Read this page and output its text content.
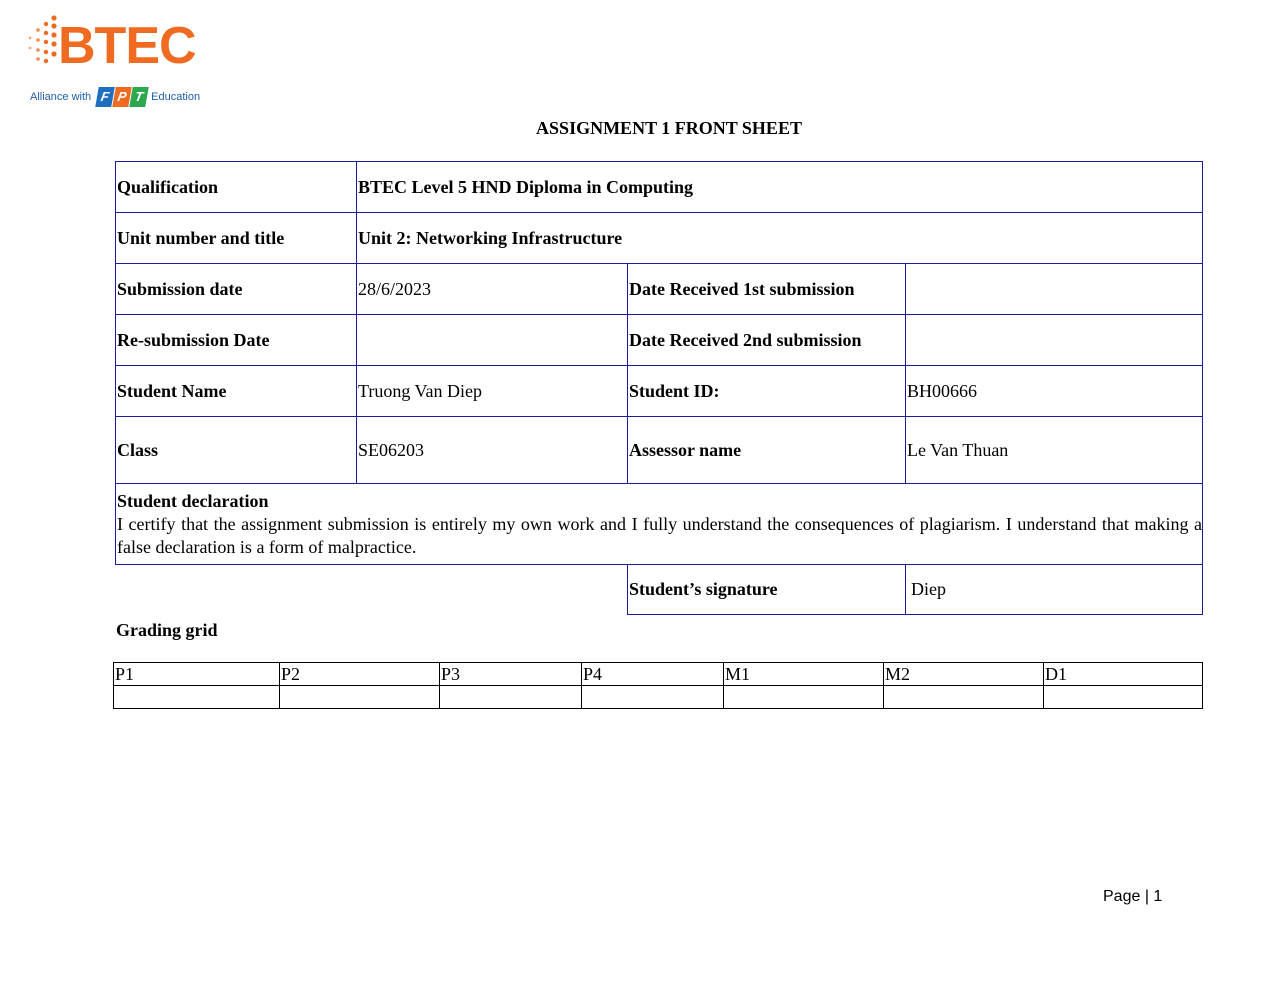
BTEC
Alliance with F P T Education
ASSIGNMENT 1 FRONT SHEET
Qualification	BTEC Level 5 HND Diploma in Computing		
Unit number and title	Unit 2: Networking Infrastructure		
Submission date	28/6/2023	Date Received 1st submission	
Re-submission Date		Date Received 2nd submission	
Student Name	Truong Van Diep	Student ID:	BH00666
Class	SE06203	Assessor name	Le Van Thuan

Student declaration
I certify that the assignment submission is entirely my own work and I fully understand the consequences of plagiarism. I understand that making a false declaration is a form of malpractice.			

		Student’s signature	Diep
Grading grid
P1	P2	P3	P4	M1	M2	D1

Page | 1
